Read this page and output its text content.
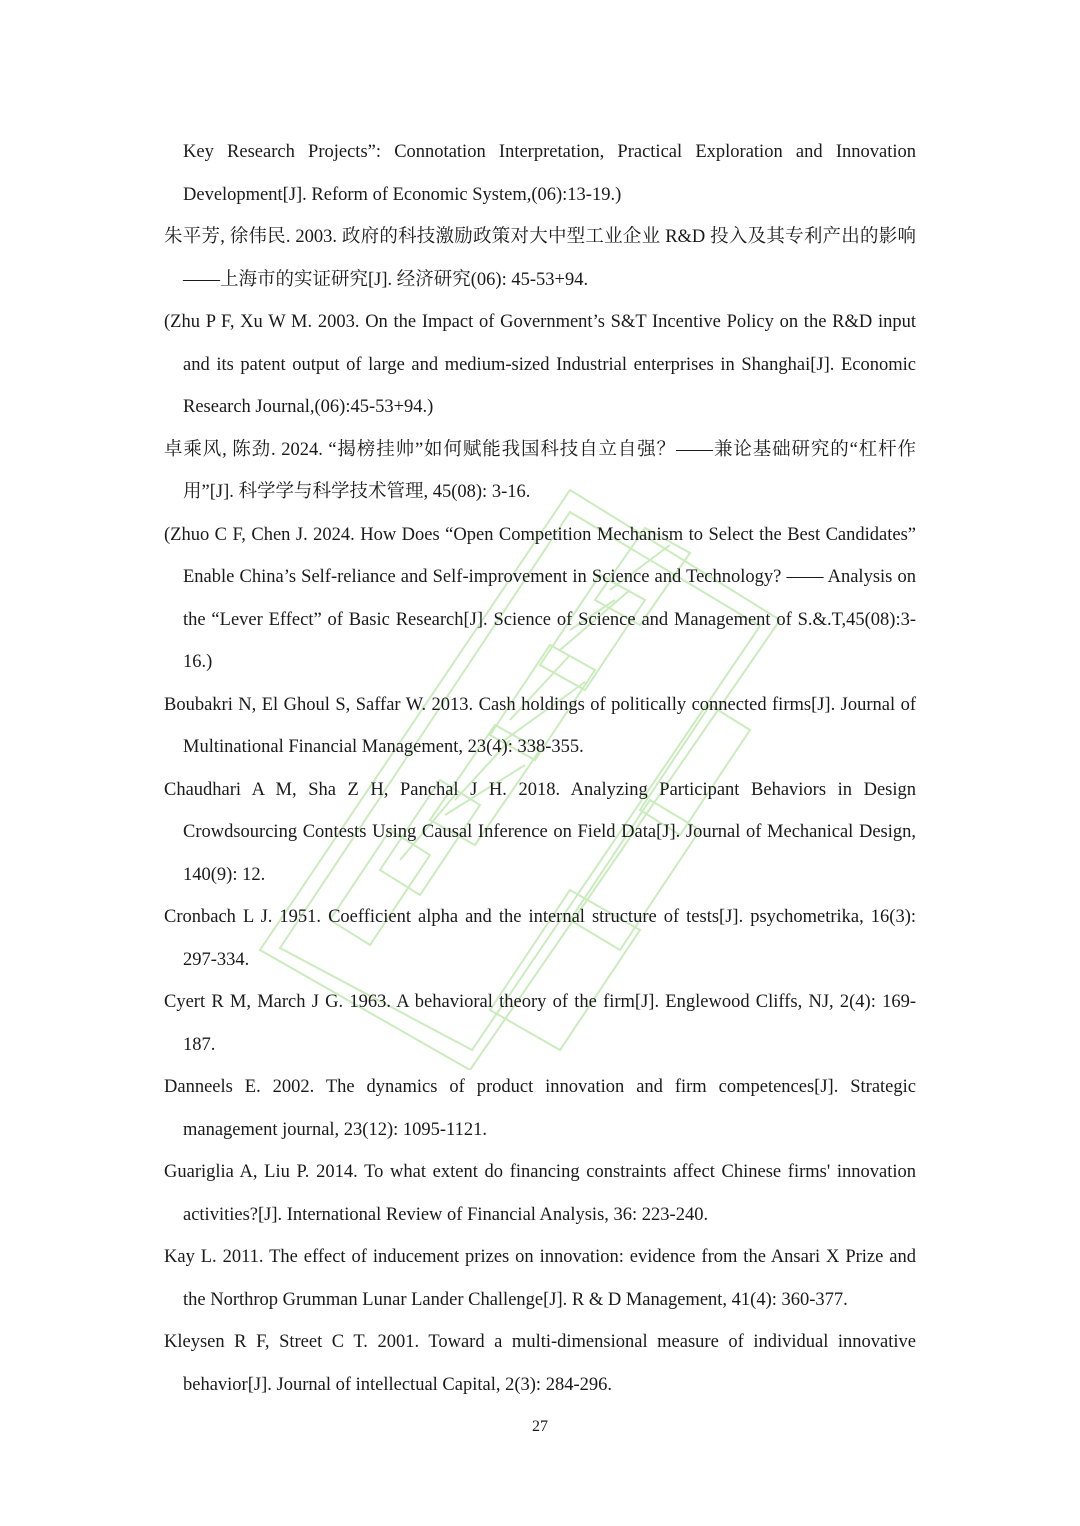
Key Research Projects”: Connotation Interpretation, Practical Exploration and Innovation Development[J]. Reform of Economic System,(06):13-19.)

朱平芳, 徐伟民. 2003. 政府的科技激励政策对大中型工业企业 R&D 投入及其专利产出的影响——上海市的实证研究[J]. 经济研究(06): 45-53+94.

(Zhu P F, Xu W M. 2003. On the Impact of Government’s S&T Incentive Policy on the R&D input and its patent output of large and medium-sized Industrial enterprises in Shanghai[J]. Economic Research Journal,(06):45-53+94.)

卓乘风, 陈劲. 2024. “揭榜挂帅”如何赋能我国科技自立自强？——兼论基础研究的“杠杆作用”[J]. 科学学与科学技术管理, 45(08): 3-16.

(Zhuo C F, Chen J. 2024. How Does “Open Competition Mechanism to Select the Best Candidates” Enable China’s Self-reliance and Self-improvement in Science and Technology? —— Analysis on the “Lever Effect” of Basic Research[J]. Science of Science and Management of S.&.T,45(08):3-16.)

Boubakri N, El Ghoul S, Saffar W. 2013. Cash holdings of politically connected firms[J]. Journal of Multinational Financial Management, 23(4): 338-355.

Chaudhari A M, Sha Z H, Panchal J H. 2018. Analyzing Participant Behaviors in Design Crowdsourcing Contests Using Causal Inference on Field Data[J]. Journal of Mechanical Design, 140(9): 12.

Cronbach L J. 1951. Coefficient alpha and the internal structure of tests[J]. psychometrika, 16(3): 297-334.

Cyert R M, March J G. 1963. A behavioral theory of the firm[J]. Englewood Cliffs, NJ, 2(4): 169-187.

Danneels E. 2002. The dynamics of product innovation and firm competences[J]. Strategic management journal, 23(12): 1095-1121.

Guariglia A, Liu P. 2014. To what extent do financing constraints affect Chinese firms' innovation activities?[J]. International Review of Financial Analysis, 36: 223-240.

Kay L. 2011. The effect of inducement prizes on innovation: evidence from the Ansari X Prize and the Northrop Grumman Lunar Lander Challenge[J]. R & D Management, 41(4): 360-377.

Kleysen R F, Street C T. 2001. Toward a multi-dimensional measure of individual innovative behavior[J]. Journal of intellectual Capital, 2(3): 284-296.

27
